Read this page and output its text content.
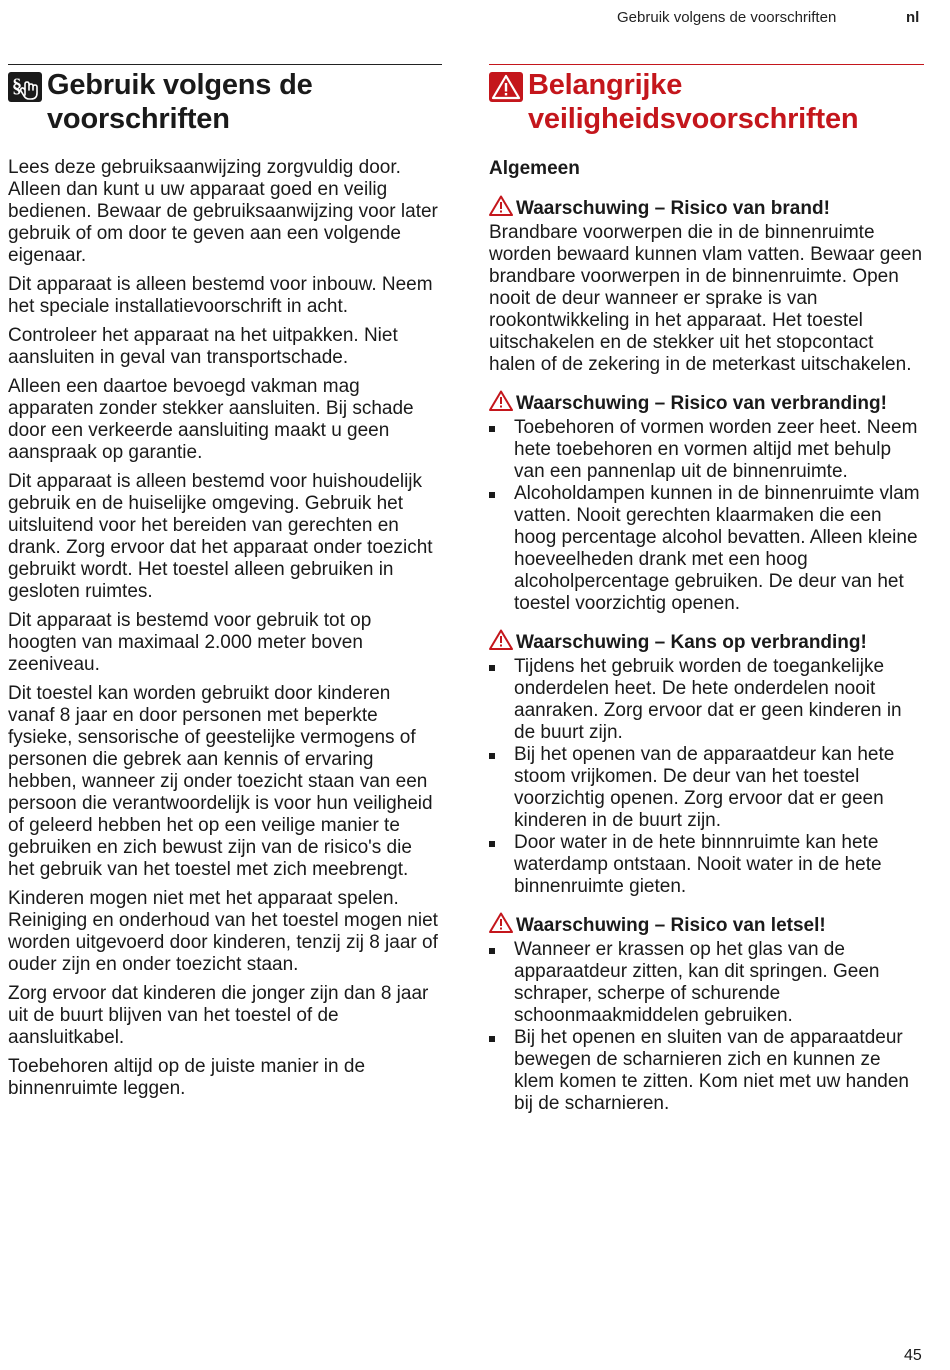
Gebruik volgens de voorschriften	nl
§ Gebruik volgens de voorschriften

Lees deze gebruiksaanwijzing zorgvuldig door. Alleen dan kunt u uw apparaat goed en veilig bedienen. Bewaar de gebruiksaanwijzing voor later gebruik of om door te geven aan een volgende eigenaar.

Dit apparaat is alleen bestemd voor inbouw. Neem het speciale installatievoorschrift in acht.

Controleer het apparaat na het uitpakken. Niet aansluiten in geval van transportschade.

Alleen een daartoe bevoegd vakman mag apparaten zonder stekker aansluiten. Bij schade door een verkeerde aansluiting maakt u geen aanspraak op garantie.

Dit apparaat is alleen bestemd voor huishoudelijk gebruik en de huiselijke omgeving. Gebruik het uitsluitend voor het bereiden van gerechten en drank. Zorg ervoor dat het apparaat onder toezicht gebruikt wordt. Het toestel alleen gebruiken in gesloten ruimtes.

Dit apparaat is bestemd voor gebruik tot op hoogten van maximaal 2.000 meter boven zeeniveau.

Dit toestel kan worden gebruikt door kinderen vanaf 8 jaar en door personen met beperkte fysieke, sensorische of geestelijke vermogens of personen die gebrek aan kennis of ervaring hebben, wanneer zij onder toezicht staan van een persoon die verantwoordelijk is voor hun veiligheid of geleerd hebben het op een veilige manier te gebruiken en zich bewust zijn van de risico's die het gebruik van het toestel met zich meebrengt.

Kinderen mogen niet met het apparaat spelen. Reiniging en onderhoud van het toestel mogen niet worden uitgevoerd door kinderen, tenzij zij 8 jaar of ouder zijn en onder toezicht staan.

Zorg ervoor dat kinderen die jonger zijn dan 8 jaar uit de buurt blijven van het toestel of de aansluitkabel.

Toebehoren altijd op de juiste manier in de binnenruimte leggen.

Belangrijke veiligheidsvoorschriften
Algemeen
Waarschuwing – Risico van brand!

Brandbare voorwerpen die in de binnenruimte worden bewaard kunnen vlam vatten. Bewaar geen brandbare voorwerpen in de binnenruimte. Open nooit de deur wanneer er sprake is van rookontwikkeling in het apparaat. Het toestel uitschakelen en de stekker uit het stopcontact halen of de zekering in de meterkast uitschakelen.

Waarschuwing – Risico van verbranding!
Toebehoren of vormen worden zeer heet. Neem hete toebehoren en vormen altijd met behulp van een pannenlap uit de binnenruimte.
Alcoholdampen kunnen in de binnenruimte vlam vatten. Nooit gerechten klaarmaken die een hoog percentage alcohol bevatten. Alleen kleine hoeveelheden drank met een hoog alcoholpercentage gebruiken. De deur van het toestel voorzichtig openen.
Waarschuwing – Kans op verbranding!
Tijdens het gebruik worden de toegankelijke onderdelen heet. De hete onderdelen nooit aanraken. Zorg ervoor dat er geen kinderen in de buurt zijn.
Bij het openen van de apparaatdeur kan hete stoom vrijkomen. De deur van het toestel voorzichtig openen. Zorg ervoor dat er geen kinderen in de buurt zijn.
Door water in de hete binnnruimte kan hete waterdamp ontstaan. Nooit water in de hete binnenruimte gieten.
Waarschuwing – Risico van letsel!
Wanneer er krassen op het glas van de apparaatdeur zitten, kan dit springen. Geen schraper, scherpe of schurende schoonmaakmiddelen gebruiken.
Bij het openen en sluiten van de apparaatdeur bewegen de scharnieren zich en kunnen ze klem komen te zitten. Kom niet met uw handen bij de scharnieren.
45
